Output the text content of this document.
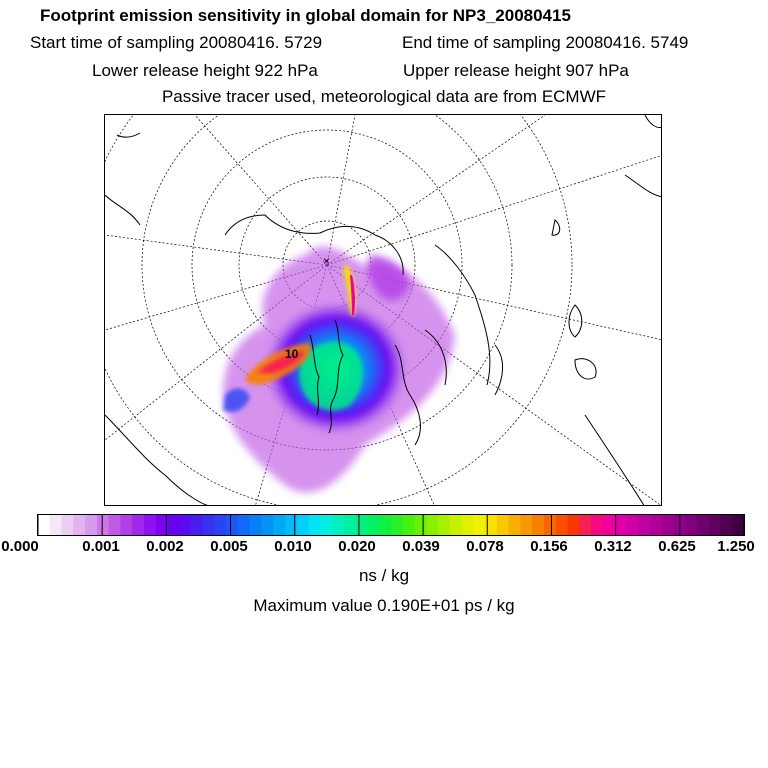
Footprint emission sensitivity in global domain for NP3_20080415
Start time of sampling 20080416. 5729	End time of sampling 20080416. 5749
Lower release height 922 hPa	Upper release height 907 hPa
Passive tracer used, meteorological data are from ECMWF
10
×
0.000	0.001 0.002 0.005 0.010 0.020 0.039 0.078 0.156 0.312 0.625 1.250
ns / kg
Maximum value 0.190E+01 ps / kg
